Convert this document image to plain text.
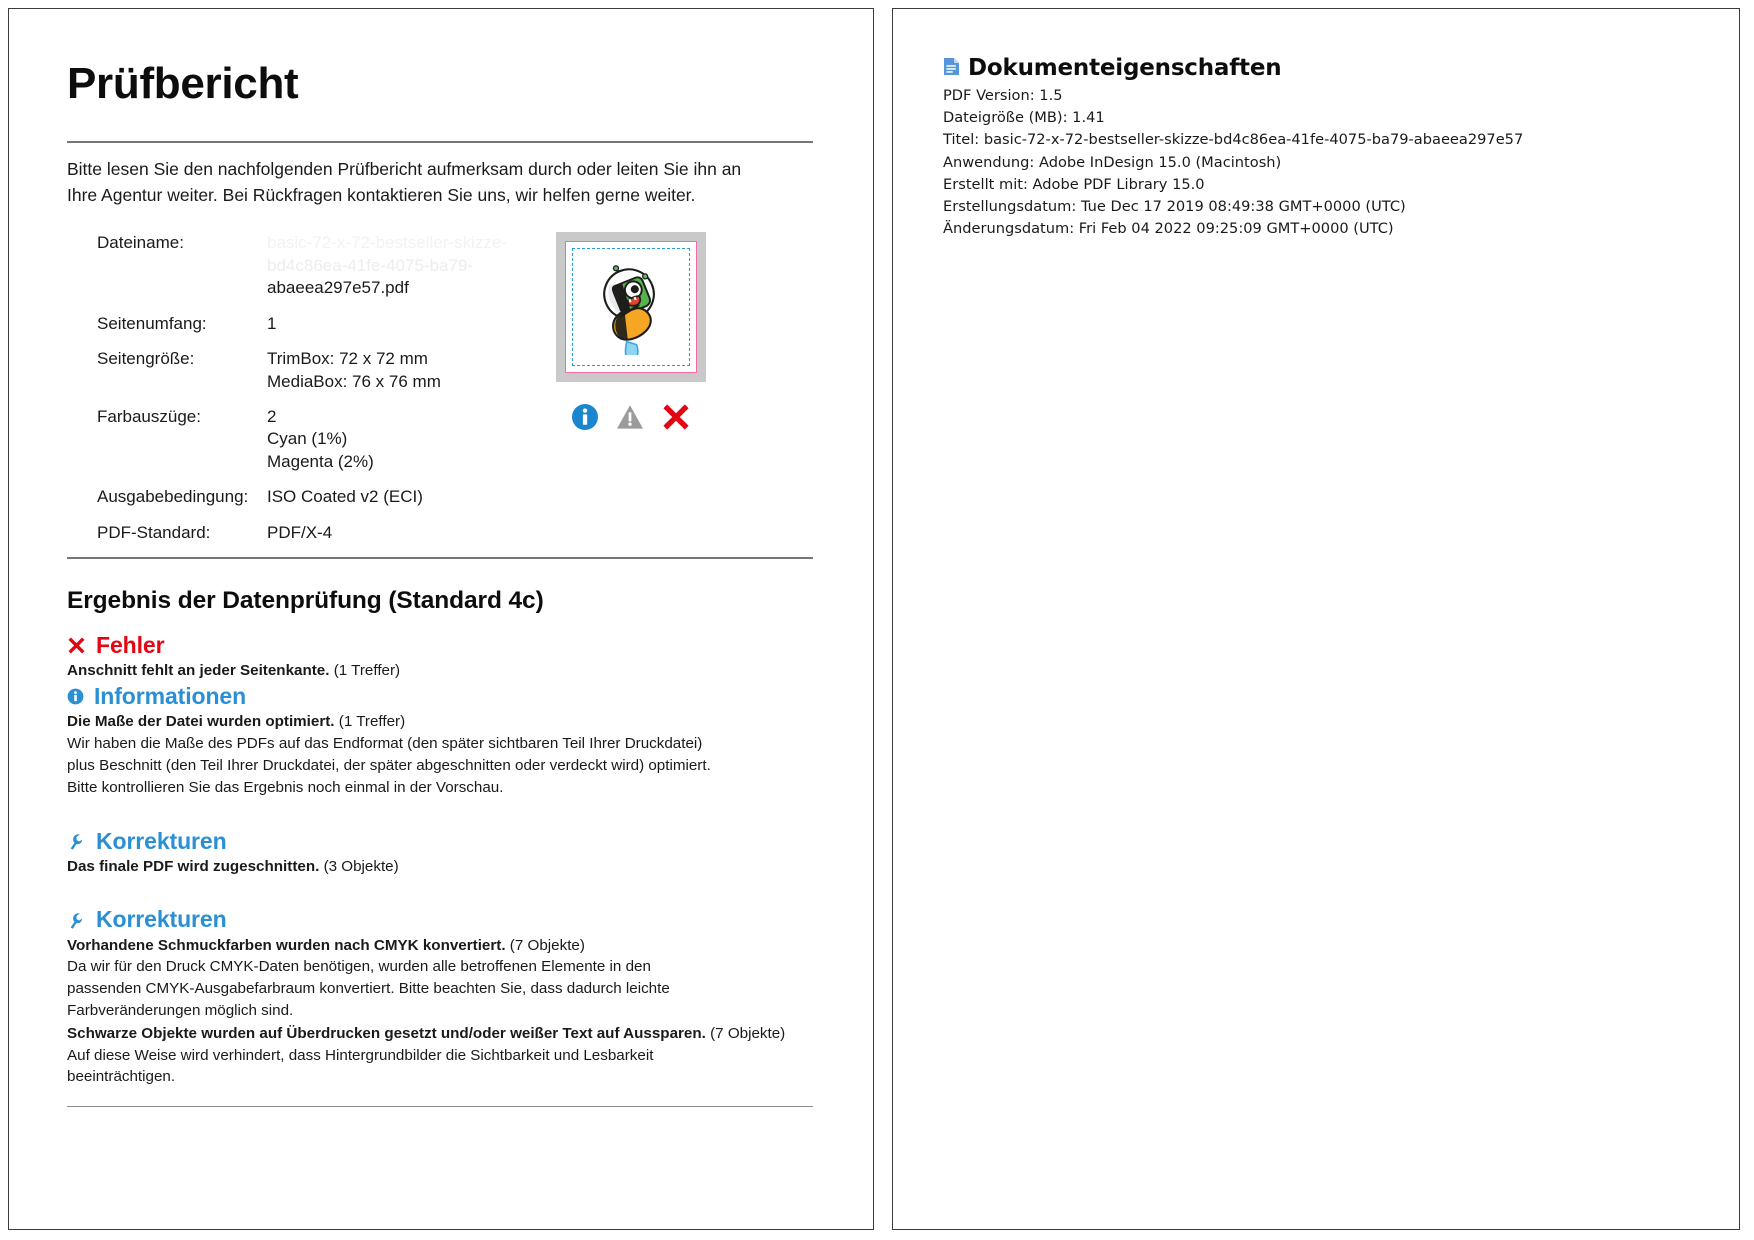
Prüfbericht

Bitte lesen Sie den nachfolgenden Prüfbericht aufmerksam durch oder leiten Sie ihn an Ihre Agentur weiter. Bei Rückfragen kontaktieren Sie uns, wir helfen gerne weiter.

Dateiname:	basic-72-x-72-bestseller-skizze-
bd4c86ea-41fe-4075-ba79-
abaeea297e57.pdf

Seitenumfang:	1
Seitengröße:	TrimBox: 72 x 72 mm
MediaBox: 76 x 76 mm

Farbauszüge:	2
Cyan (1%)
Magenta (2%)

Ausgabebedingung:	ISO Coated v2 (ECI)
PDF-Standard:	PDF/X-4
Ergebnis der Datenprüfung (Standard 4c)
Fehler

Anschnitt fehlt an jeder Seitenkante. (1 Treffer)

Informationen

Die Maße der Datei wurden optimiert. (1 Treffer)

Wir haben die Maße des PDFs auf das Endformat (den später sichtbaren Teil Ihrer Druckdatei) plus Beschnitt (den Teil Ihrer Druckdatei, der später abgeschnitten oder verdeckt wird) optimiert. Bitte kontrollieren Sie das Ergebnis noch einmal in der Vorschau.

Korrekturen

Das finale PDF wird zugeschnitten. (3 Objekte)

Korrekturen

Vorhandene Schmuckfarben wurden nach CMYK konvertiert. (7 Objekte)

Da wir für den Druck CMYK-Daten benötigen, wurden alle betroffenen Elemente in den passenden CMYK-Ausgabefarbraum konvertiert. Bitte beachten Sie, dass dadurch leichte Farbveränderungen möglich sind.

Schwarze Objekte wurden auf Überdrucken gesetzt und/oder weißer Text auf Aussparen. (7 Objekte)

Auf diese Weise wird verhindert, dass Hintergrundbilder die Sichtbarkeit und Lesbarkeit beeinträchtigen.

Dokumenteigenschaften
PDF Version: 1.5
Dateigröße (MB): 1.41
Titel: basic-72-x-72-bestseller-skizze-bd4c86ea-41fe-4075-ba79-abaeea297e57
Anwendung: Adobe InDesign 15.0 (Macintosh)
Erstellt mit: Adobe PDF Library 15.0
Erstellungsdatum: Tue Dec 17 2019 08:49:38 GMT+0000 (UTC)
Änderungsdatum: Fri Feb 04 2022 09:25:09 GMT+0000 (UTC)
